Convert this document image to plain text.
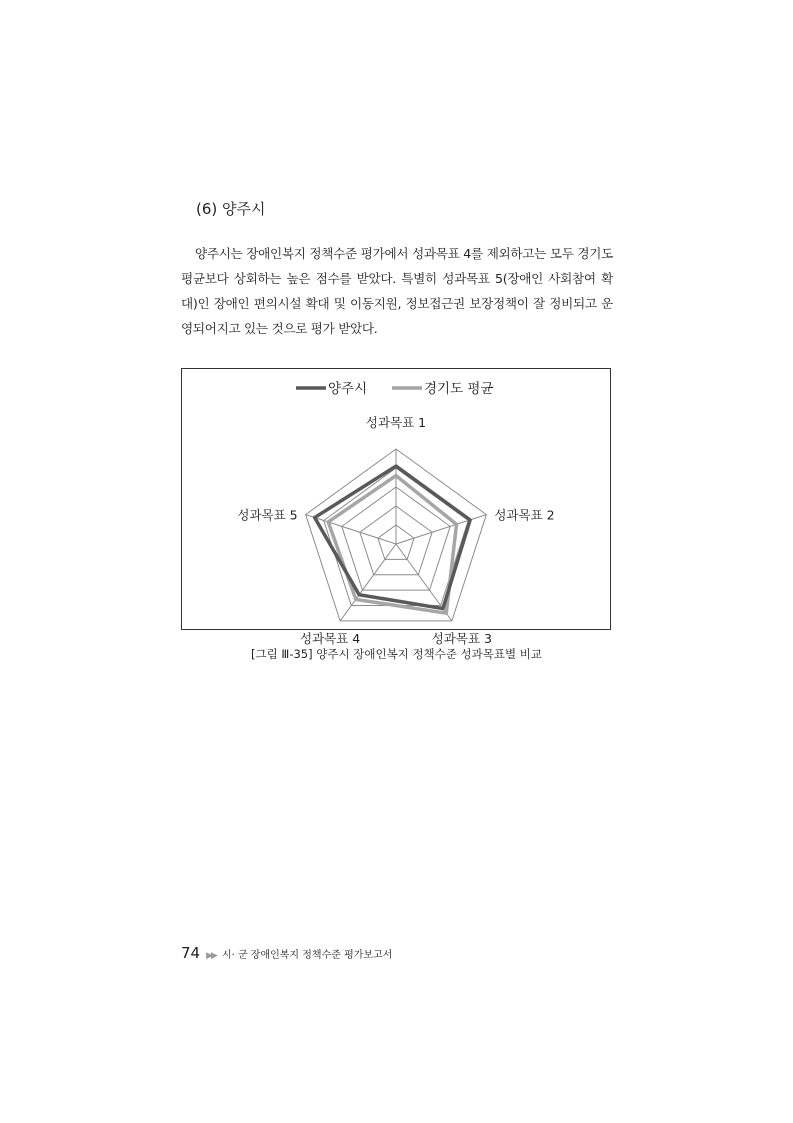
(6) 양주시

양주시는 장애인복지 정책수준 평가에서 성과목표 4를 제외하고는 모두 경기도 평균보다 상회하는 높은 점수를 받았다. 특별히 성과목표 5(장애인 사회참여 확대)인 장애인 편의시설 확대 및 이동지원, 정보접근권 보장정책이 잘 정비되고 운영되어지고 있는 것으로 평가 받았다.

성과목표 1
성과목표 2
성과목표 3
성과목표 4
성과목표 5
양주시	경기도 평균

[그림 Ⅲ-35] 양주시 장애인복지 정책수준 성과목표별 비교

74 ▶▶ 시· 군 장애인복지 정책수준 평가보고서
